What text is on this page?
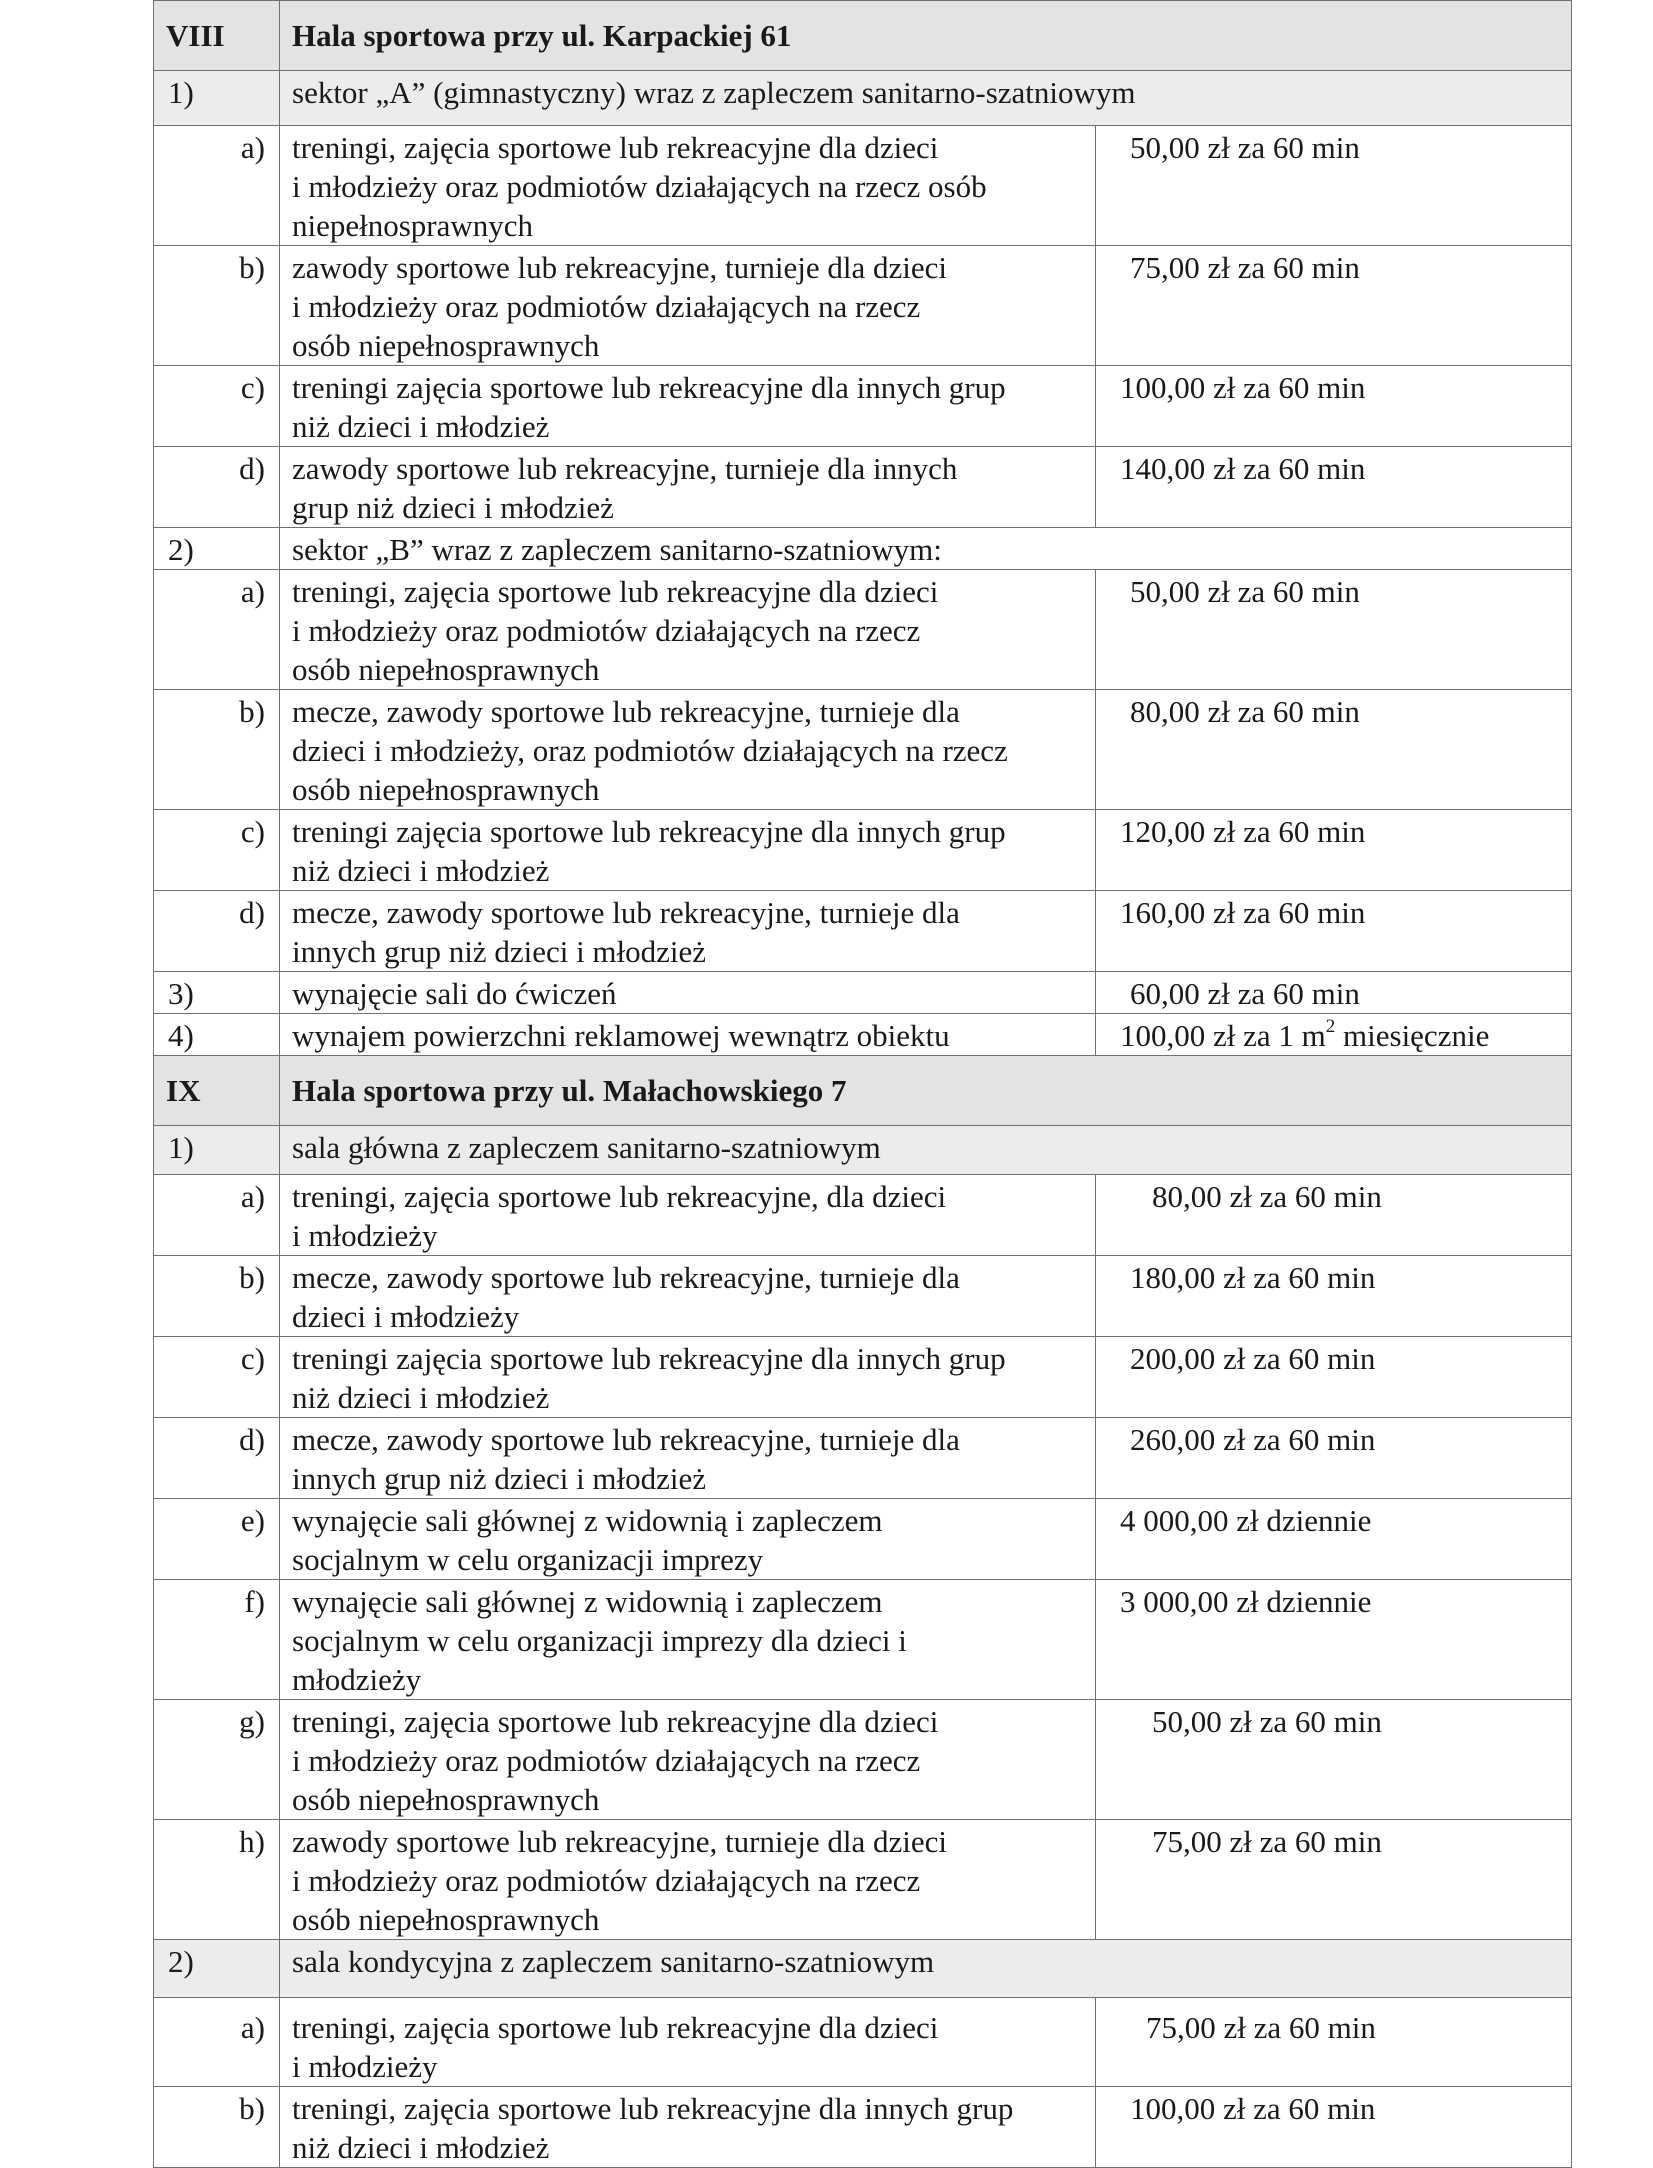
VIII	Hala sportowa przy ul. Karpackiej 61	
1)	sektor „A” (gimnastyczny) wraz z zapleczem sanitarno-szatniowym	
a)	treningi, zajęcia sportowe lub rekreacyjne dla dzieci
i młodzieży oraz podmiotów działających na rzecz osób
niepełnosprawnych	50,00 zł za 60 min
b)	zawody sportowe lub rekreacyjne, turnieje dla dzieci
i młodzieży oraz podmiotów działających na rzecz
osób niepełnosprawnych	75,00 zł za 60 min
c)	treningi zajęcia sportowe lub rekreacyjne dla innych grup
niż dzieci i młodzież	100,00 zł za 60 min
d)	zawody sportowe lub rekreacyjne, turnieje dla innych
grup niż dzieci i młodzież	140,00 zł za 60 min
2)	sektor „B” wraz z zapleczem sanitarno-szatniowym:	
a)	treningi, zajęcia sportowe lub rekreacyjne dla dzieci
i młodzieży oraz podmiotów działających na rzecz
osób niepełnosprawnych	50,00 zł za 60 min
b)	mecze, zawody sportowe lub rekreacyjne, turnieje dla
dzieci i młodzieży, oraz podmiotów działających na rzecz
osób niepełnosprawnych	80,00 zł za 60 min
c)	treningi zajęcia sportowe lub rekreacyjne dla innych grup
niż dzieci i młodzież	120,00 zł za 60 min
d)	mecze, zawody sportowe lub rekreacyjne, turnieje dla
innych grup niż dzieci i młodzież	160,00 zł za 60 min
3)	wynajęcie sali do ćwiczeń	60,00 zł za 60 min
4)	wynajem powierzchni reklamowej wewnątrz obiektu	100,00 zł za 1 $m^2$ miesięcznie
IX	Hala sportowa przy ul. Małachowskiego 7	
1)	sala główna z zapleczem sanitarno-szatniowym	
a)	treningi, zajęcia sportowe lub rekreacyjne, dla dzieci
i młodzieży	80,00 zł za 60 min
b)	mecze, zawody sportowe lub rekreacyjne, turnieje dla
dzieci i młodzieży	180,00 zł za 60 min
c)	treningi zajęcia sportowe lub rekreacyjne dla innych grup
niż dzieci i młodzież	200,00 zł za 60 min
d)	mecze, zawody sportowe lub rekreacyjne, turnieje dla
innych grup niż dzieci i młodzież	260,00 zł za 60 min
e)	wynajęcie sali głównej z widownią i zapleczem
socjalnym w celu organizacji imprezy	4 000,00 zł dziennie
f)	wynajęcie sali głównej z widownią i zapleczem
socjalnym w celu organizacji imprezy dla dzieci i
młodzieży	3 000,00 zł dziennie
g)	treningi, zajęcia sportowe lub rekreacyjne dla dzieci
i młodzieży oraz podmiotów działających na rzecz
osób niepełnosprawnych	50,00 zł za 60 min
h)	zawody sportowe lub rekreacyjne, turnieje dla dzieci
i młodzieży oraz podmiotów działających na rzecz
osób niepełnosprawnych	75,00 zł za 60 min
2)	sala kondycyjna z zapleczem sanitarno-szatniowym	
a)	treningi, zajęcia sportowe lub rekreacyjne dla dzieci
i młodzieży	75,00 zł za 60 min
b)	treningi, zajęcia sportowe lub rekreacyjne dla innych grup
niż dzieci i młodzież	100,00 zł za 60 min
